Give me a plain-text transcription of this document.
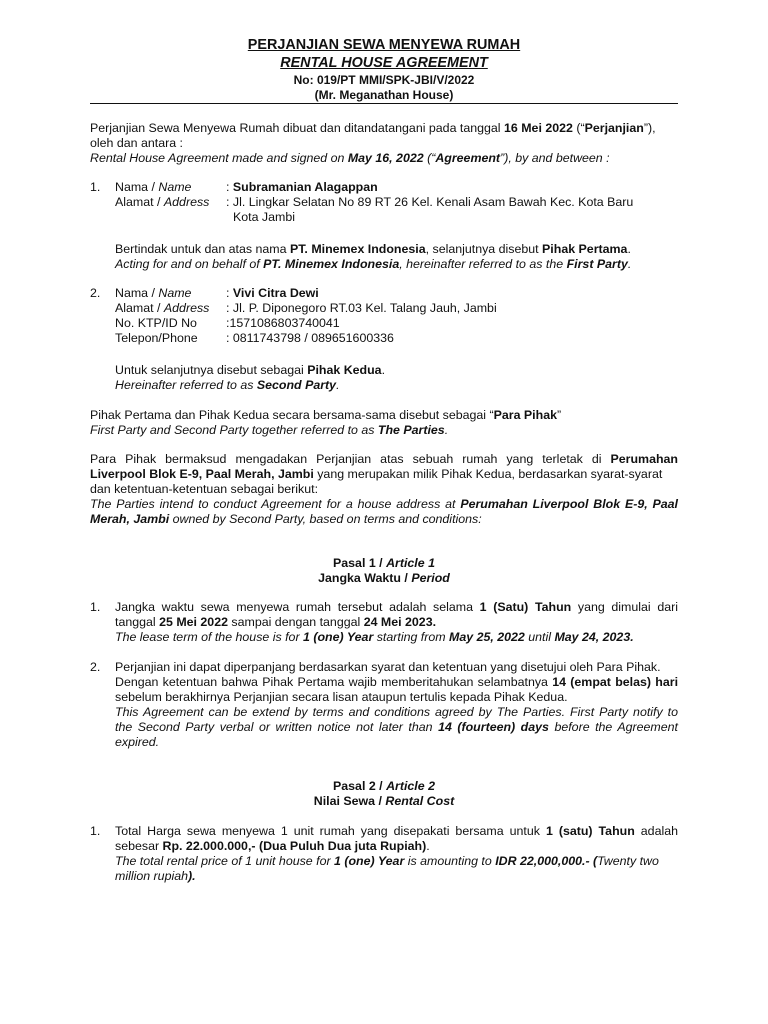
PERJANJIAN SEWA MENYEWA RUMAH
RENTAL HOUSE AGREEMENT
No: 019/PT MMI/SPK-JBI/V/2022
(Mr. Meganathan House)
Perjanjian Sewa Menyewa Rumah dibuat dan ditandatangani pada tanggal 16 Mei 2022 (“Perjanjian”),
oleh dan antara :
Rental House Agreement made and signed on May 16, 2022 (“Agreement”), by and between :
1. Nama / Name	: Subramanian Alagappan
Alamat / Address : Jl. Lingkar Selatan No 89 RT 26 Kel. Kenali Asam Bawah Kec. Kota Baru
Kota Jambi
Bertindak untuk dan atas nama PT. Minemex Indonesia, selanjutnya disebut Pihak Pertama.
Acting for and on behalf of PT. Minemex Indonesia, hereinafter referred to as the First Party.
2. Nama / Name	: Vivi Citra Dewi
Alamat / Address : Jl. P. Diponegoro RT.03 Kel. Talang Jauh, Jambi
No. KTP/ID No :1571086803740041
Telepon/Phone : 0811743798 / 089651600336
Untuk selanjutnya disebut sebagai Pihak Kedua.
Hereinafter referred to as Second Party.
Pihak Pertama dan Pihak Kedua secara bersama-sama disebut sebagai “Para Pihak”
First Party and Second Party together referred to as The Parties.
Para Pihak bermaksud mengadakan Perjanjian atas sebuah rumah yang terletak di Perumahan
Liverpool Blok E-9, Paal Merah, Jambi yang merupakan milik Pihak Kedua, berdasarkan syarat-syarat
dan ketentuan-ketentuan sebagai berikut:
The Parties intend to conduct Agreement for a house address at Perumahan Liverpool Blok E-9, Paal
Merah, Jambi owned by Second Party, based on terms and conditions:
Pasal 1 / Article 1
Jangka Waktu / Period
1. Jangka waktu sewa menyewa rumah tersebut adalah selama 1 (Satu) Tahun yang dimulai dari
tanggal 25 Mei 2022 sampai dengan tanggal 24 Mei 2023.
The lease term of the house is for 1 (one) Year starting from May 25, 2022 until May 24, 2023.
2. Perjanjian ini dapat diperpanjang berdasarkan syarat dan ketentuan yang disetujui oleh Para Pihak.
Dengan ketentuan bahwa Pihak Pertama wajib memberitahukan selambatnya 14 (empat belas) hari
sebelum berakhirnya Perjanjian secara lisan ataupun tertulis kepada Pihak Kedua.
This Agreement can be extend by terms and conditions agreed by The Parties. First Party notify to
the Second Party verbal or written notice not later than 14 (fourteen) days before the Agreement
expired.
Pasal 2 / Article 2
Nilai Sewa / Rental Cost
1. Total Harga sewa menyewa 1 unit rumah yang disepakati bersama untuk 1 (satu) Tahun adalah
sebesar Rp. 22.000.000,- (Dua Puluh Dua juta Rupiah).
The total rental price of 1 unit house for 1 (one) Year is amounting to IDR 22,000,000.- (Twenty two
million rupiah).
